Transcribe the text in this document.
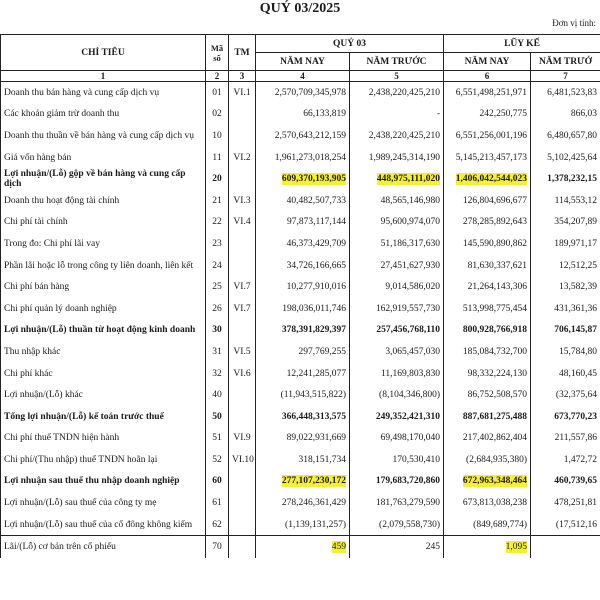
QUÝ 03/2025
Đơn vị tính:
CHỈ TIÊU	Mã số	TM	QUÝ 03		LŨY KẾ	
			NĂM NAY	NĂM TRƯỚC	NĂM NAY	NĂM TRƯỚ
1	2	3	4	5	6	7
Doanh thu bán hàng và cung cấp dịch vụ	01	VI.1	2,570,709,345,978	2,438,220,425,210	6,551,498,251,971	6,481,523,83
Các khoản giảm trừ doanh thu	02		66,133,819	-	242,250,775	866,03
Doanh thu thuần về bán hàng và cung cấp dịch vụ	10		2,570,643,212,159	2,438,220,425,210	6,551,256,001,196	6,480,657,80
Giá vốn hàng bán	11	VI.2	1,961,273,018,254	1,989,245,314,190	5,145,213,457,173	5,102,425,64
Lợi nhuận/(Lỗ) gộp về bán hàng và cung cấp dịch	20		609,370,193,905	448,975,111,020	1,406,042,544,023	1,378,232,15
Doanh thu hoạt động tài chính	21	VI.3	40,482,507,733	48,565,146,980	126,804,696,677	114,553,12
Chi phí tài chính	22	VI.4	97,873,117,144	95,600,974,070	278,285,892,643	354,207,89
Trong đo: Chi phí lãi vay	23		46,373,429,709	51,186,317,630	145,590,890,862	189,971,17
Phần lãi hoặc lỗ trong công ty liên doanh, liên kết	24		34,726,166,665	27,451,627,930	81,630,337,621	12,512,25
Chi phí bán hàng	25	VI.7	10,277,910,016	9,014,586,020	21,264,143,306	13,582,39
Chi phí quản lý doanh nghiệp	26	VI.7	198,036,011,746	162,919,557,730	513,998,775,454	431,361,36
Lợi nhuận/(Lỗ) thuần từ hoạt động kinh doanh	30		378,391,829,397	257,456,768,110	800,928,766,918	706,145,87
Thu nhập khác	31	VI.5	297,769,255	3,065,457,030	185,084,732,700	15,784,80
Chi phí khác	32	VI.6	12,241,285,077	11,169,803,830	98,332,224,130	48,160,45
Lợi nhuận/(Lỗ) khác	40		(11,943,515,822)	(8,104,346,800)	86,752,508,570	(32,375,64
Tổng lợi nhuận/(Lỗ) kế toán trước thuế	50		366,448,313,575	249,352,421,310	887,681,275,488	673,770,23
Chi phí thuế TNDN hiện hành	51	VI.9	89,022,931,669	69,498,170,040	217,402,862,404	211,557,86
Chi phí/(Thu nhập) thuế TNDN hoãn lại	52	VI.10	318,151,734	170,530,410	(2,684,935,380)	1,472,72
Lợi nhuận sau thuế thu nhập doanh nghiệp	60		277,107,230,172	179,683,720,860	672,963,348,464	460,739,65
Lợi nhuận/(Lỗ) sau thuế của công ty mẹ	61		278,246,361,429	181,763,279,590	673,813,038,238	478,251,81
Lợi nhuận/(Lỗ) sau thuế của cổ đông không kiểm	62		(1,139,131,257)	(2,079,558,730)	(849,689,774)	(17,512,16
Lãi/(Lỗ) cơ bản trên cổ phiếu	70		459	245	1,095	
